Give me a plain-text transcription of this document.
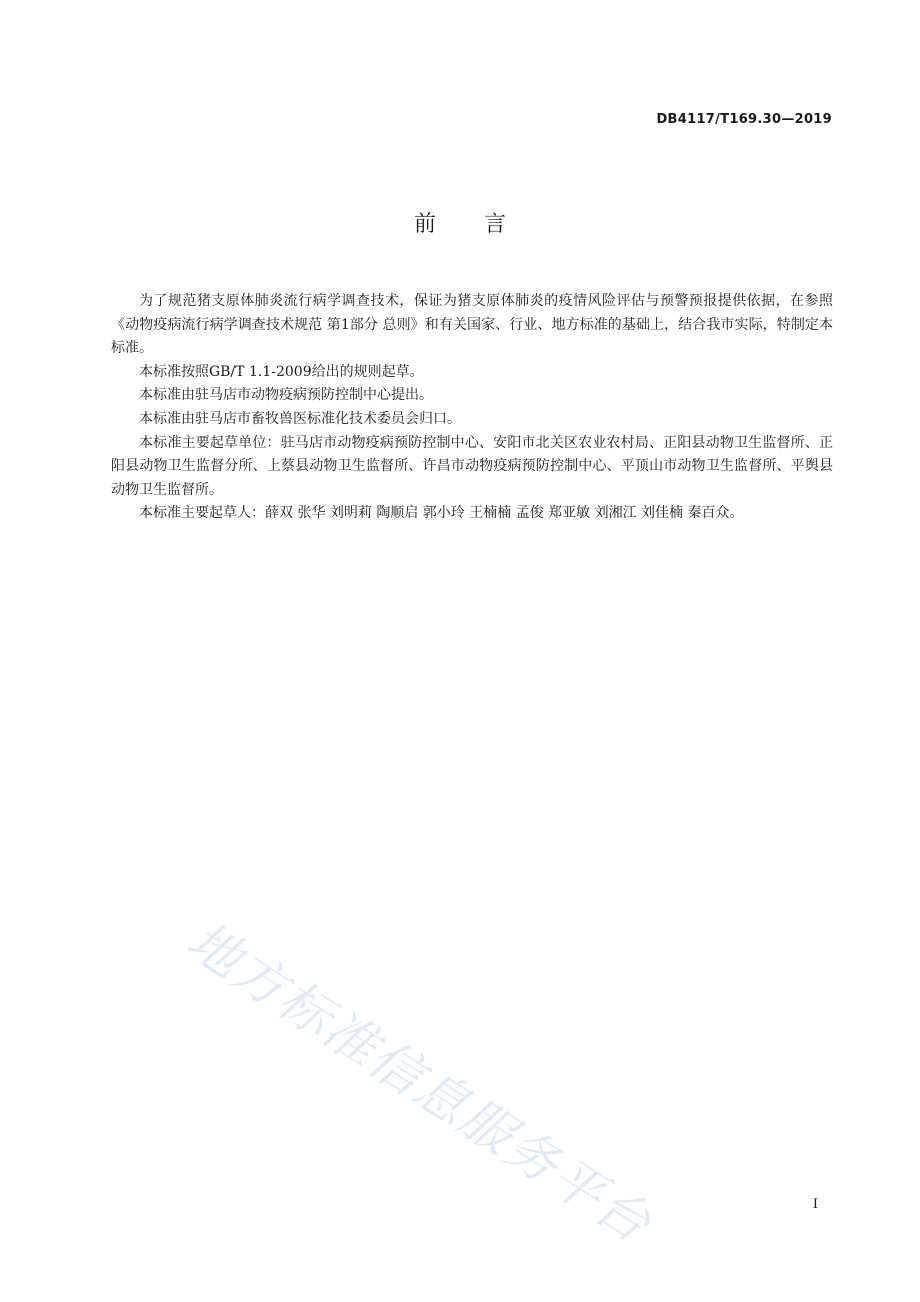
DB4117/T169.30—2019
前言

为了规范猪支原体肺炎流行病学调查技术，保证为猪支原体肺炎的疫情风险评估与预警预报提供依据，在参照《动物疫病流行病学调查技术规范 第1部分 总则》和有关国家、行业、地方标准的基础上，结合我市实际，特制定本标准。

本标准按照GB/T 1.1-2009给出的规则起草。

本标准由驻马店市动物疫病预防控制中心提出。

本标准由驻马店市畜牧兽医标准化技术委员会归口。

本标准主要起草单位：驻马店市动物疫病预防控制中心、安阳市北关区农业农村局、正阳县动物卫生监督所、正阳县动物卫生监督分所、上蔡县动物卫生监督所、许昌市动物疫病预防控制中心、平顶山市动物卫生监督所、平舆县动物卫生监督所。

本标准主要起草人：薛双 张华 刘明莉 陶顺启 郭小玲 王楠楠 孟俊 郑亚敏 刘湘江 刘佳楠 秦百众。

地方标准信息服务平台	I
